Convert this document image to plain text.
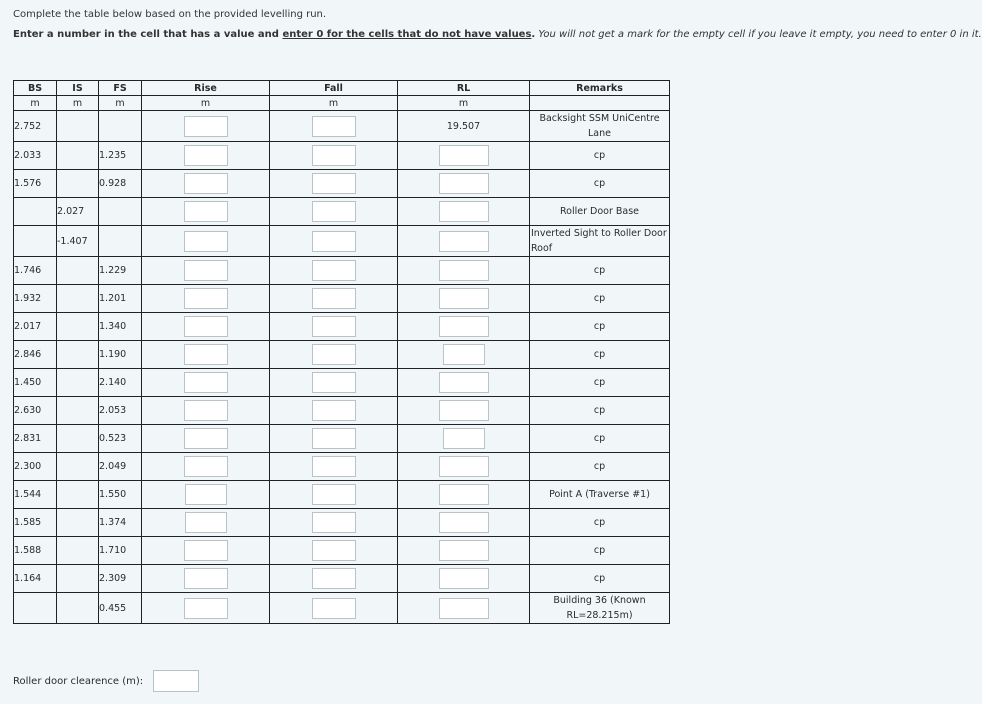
Complete the table below based on the provided levelling run.
Enter a number in the cell that has a value and enter 0 for the cells that do not have values. You will not get a mark for the empty cell if you leave it empty, you need to enter 0 in it.
BS	IS	FS	Rise	Fall	RL	Remarks
m	m	m	m	m	m	
2.752					19.507	Backsight SSM UniCentre Lane
2.033		1.235				cp
1.576		0.928				cp
	2.027					Roller Door Base
	-1.407					Inverted Sight to Roller Door Roof
1.746		1.229				cp
1.932		1.201				cp
2.017		1.340				cp
2.846		1.190				cp
1.450		2.140				cp
2.630		2.053				cp
2.831		0.523				cp
2.300		2.049				cp
1.544		1.550				Point A (Traverse #1)
1.585		1.374				cp
1.588		1.710				cp
1.164		2.309				cp
		0.455				Building 36 (Known RL=28.215m)
Roller door clearence (m):
